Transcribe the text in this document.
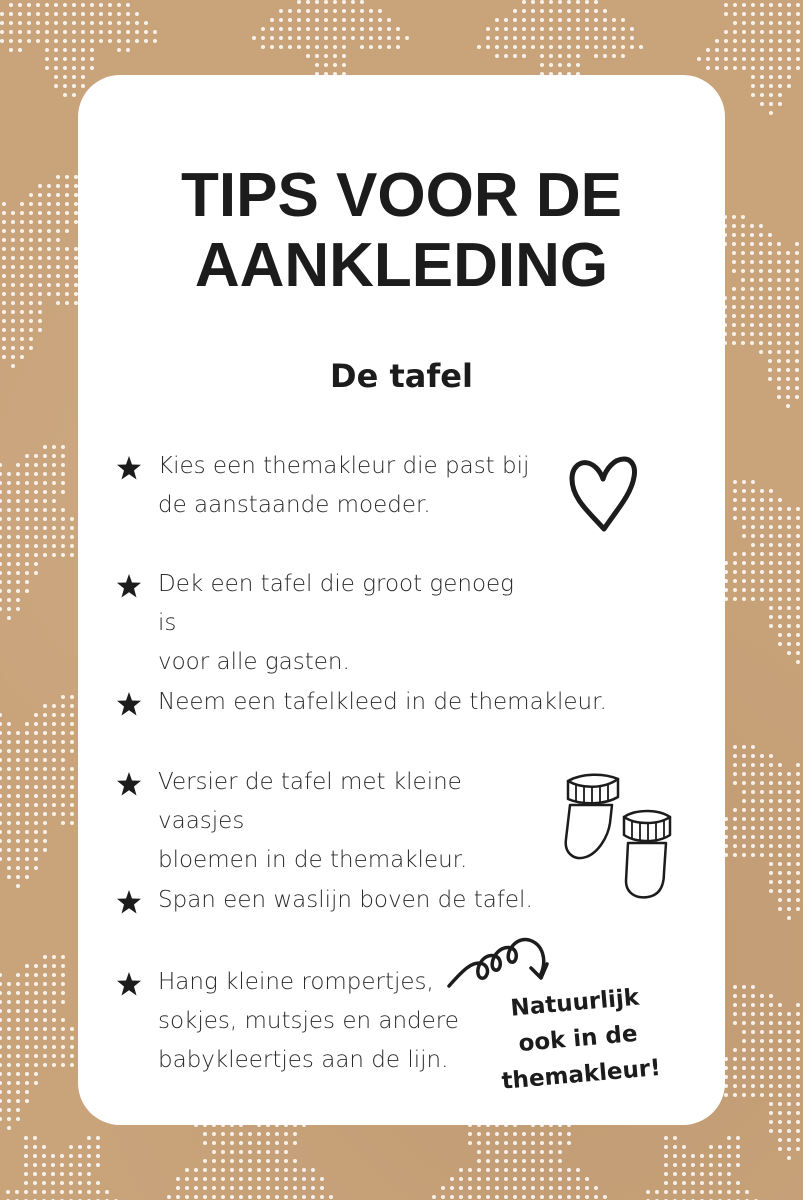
TIPS VOOR DE
AANKLEDING
De tafel
Kies een themakleur die past bij
de aanstaande moeder.
Dek een tafel die groot genoeg is
voor alle gasten.
Neem een tafelkleed in de themakleur.
Versier de tafel met kleine vaasjes
bloemen in de themakleur.
Span een waslijn boven de tafel.
Hang kleine rompertjes,
sokjes, mutsjes en andere
babykleertjes aan de lijn.
Natuurlijk
ook in de
themakleur!
